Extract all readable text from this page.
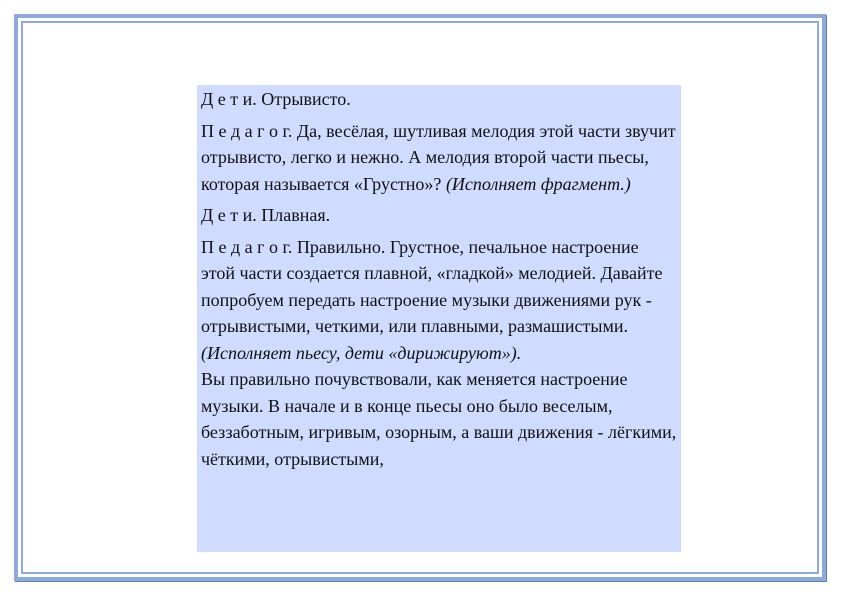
Д е т и. Отрывисто.

П е д а г о г. Да, весёлая, шутливая мелодия этой части звучит отрывисто, легко и нежно. А мелодия второй части пьесы, которая называется «Грустно»? (Исполняет фрагмент.)

Д е т и. Плавная.

П е д а г о г. Правильно. Грустное, печальное настроение этой части создается плавной, «гладкой» мелодией. Давайте попробуем передать настроение музыки движениями рук - отрывистыми, четкими, или плавными, размашистыми. (Исполняет пьесу, дети «дирижируют»).

Вы правильно почувствовали, как меняется настроение музыки. В начале и в конце пьесы оно было веселым, беззаботным, игривым, озорным, а ваши движения - лёгкими, чёткими, отрывистыми,
